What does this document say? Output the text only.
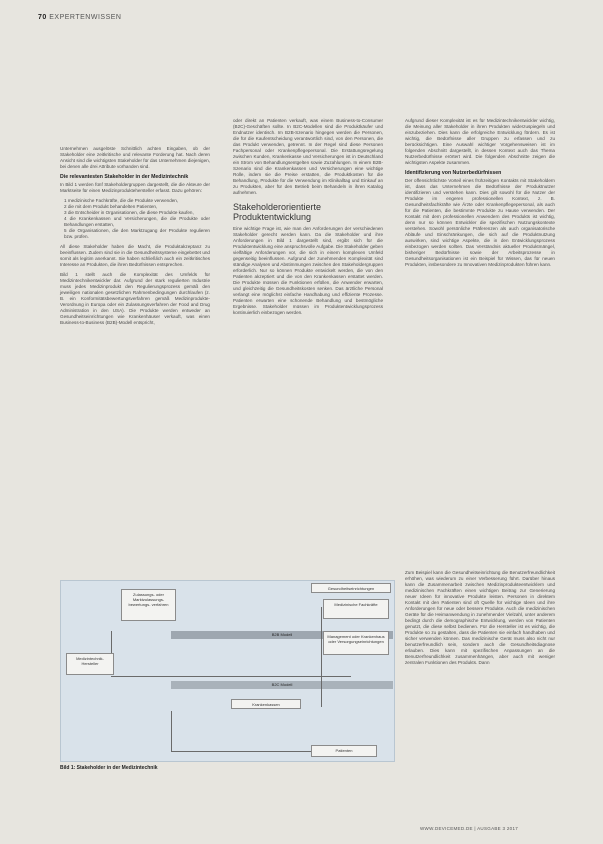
70 EXPERTENWISSEN

Unternehmen ausgelöste Schnittlich achten Eingaben, ob der Stakeholder eine zeitkritische und relevante Forderung hat. Nach deren Ansicht sind die wichtigsten Stakeholder für das Unternehmen diejenigen, bei denen alle drei Attribute vorhanden sind.

Die relevantesten Stakeholder in der Medizintechnik

In Bild 1 werden fünf Stakeholdergruppen dargestellt, die die Akteure der Marktseite für einen Medizinproduktehersteller erfasst. Dazu gehören:

1 medizinische Fachkräfte, die die Produkte verwenden,
2 die mit dem Produkt behandelten Patienten,
3 die Entscheider in Organisationen, die diese Produkte kaufen,
4 die Krankenkassen und Versicherungen, die die Produkte oder Behandlungen erstatten,
5 die Organisationen, die den Marktzugang der Produkte regulieren bzw. prüfen.

All diese Stakeholder haben die Macht, die Produktakzeptanz zu beeinflussen. Zudem sind sie in die Gesundheitssysteme eingebettet und somit als legitim anerkannt. Sie haben schließlich auch ein zeitkritisches Interesse an Produkten, die ihren Bedürfnissen entsprechen.

Bild 1 stellt auch die Komplexität des Umfelds für Medizintechnikentwickler dar. Aufgrund der stark regulierten Industrie muss jedes Medizinprodukt den Regulierungsprozess gemäß den jeweiligen nationalen gesetzlichen Rahmenbedingungen durchlaufen (z. B. ein Konformitätsbewertungsverfahren gemäß Medizinprodukte-Verordnung in Europa oder ein Zulassungsverfahren der Food and Drug Administration in den USA). Die Produkte werden entweder an Gesundheitseinrichtungen wie Krankenhäuser verkauft, was einen Business-to-Business (B2B)-Modell entspricht,

oder direkt an Patienten verkauft, was einem Business-to-Consumer (B2C)-Geschäften sollte. In B2C-Modellen sind die Produktkäufer und Endnutzer identisch. Im B2B-Szenario hingegen werden die Personen, die für die Kaufentscheidung verantwortlich sind, von den Personen, die das Produkt verwenden, getrennt. In der Regel sind diese Personen Fachpersonal oder Krankenpflegepersonal. Die Erstattungsregelung zwischen Kunden, Krankenkasse und Versicherungen ist in Deutschland ein Strom von Behandlungsentgelten sowie Zuzahlungen. In einem B2B-Szenario sind die Krankenkassen und Versicherungen eine wichtige Rolle, indem sie die Preise erstatten, die Produktkosten für die Behandlung, Produkte für die Verwendung im Klinikalltag und Einkauf an zu Produkten, aber für den Betrieb beim Behandeln in ihren Katalog aufnehmen.

Stakeholderorientierte Produktentwicklung

Eine wichtige Frage ist, wie man den Anforderungen der verschiedenen Stakeholder gerecht werden kann. Da die Stakeholder und ihre Anforderungen in Bild 1 dargestellt sind, ergibt sich für die Produktentwicklung eine anspruchsvolle Aufgabe. Die Stakeholder geben vielfältige Anforderungen vor, die sich in einem komplexen Umfeld gegenseitig beeinflussen. Aufgrund der zunehmenden Komplexität sind ständige Analysen und Abstimmungen zwischen den Stakeholdergruppen erforderlich. Nur so können Produkte entwickelt werden, die von den Patienten akzeptiert und die von den Krankenkassen erstattet werden. Die Produkte müssen die Funktionen erfüllen, die Anwender erwarten, und gleichzeitig die Gesundheitskosten senken. Das ärztliche Personal verlangt eine möglichst einfache Handhabung und effiziente Prozesse. Patienten erwarten eine schonende Behandlung und bestmögliche Ergebnisse. Stakeholder müssen im Produktentwicklungsprozess kontinuierlich einbezogen werden.

Aufgrund dieser Komplexität ist es für Medizintechnikentwickler wichtig, die Meinung aller Stakeholder in ihren Produkten widerzuspiegeln und einzubeziehen. Dies kann die erfolgreiche Entwicklung fördern. Es ist wichtig, die Bedürfnisse aller Gruppen zu erfassen und zu berücksichtigen. Eine Auswahl wichtiger Vorgehensweisen ist im folgenden Abschnitt dargestellt, in dessen Kontext auch das Thema Nutzerbedürfnisse erörtert wird. Die folgenden Abschnitte zeigen die wichtigsten Aspekte zusammen.

Identifizierung von Nutzerbedürfnissen

Der offensichtlichste Vorteil eines frühzeitigen Kontakts mit Stakeholdern ist, dass das Unternehmen die Bedürfnisse der Produktnutzer identifizieren und verstehen kann. Dies gilt sowohl für die Nutzer der Produkte im engeren professionellen Kontext, z. B. Gesundheitsfachkräfte wie Ärzte oder Krankenpflegepersonal, als auch für die Patienten, die bestimmte Produkte zu Hause verwenden. Der Kontakt mit dem professionellen Anwendern des Produkts ist wichtig, denn nur so können Entwickler die spezifischen Nutzungskontexte verstehen. Sowohl persönliche Präferenzen als auch organisatorische Abläufe und Einschränkungen, die sich auf die Produktnutzung auswirken, sind wichtige Aspekte, die in den Entwicklungsprozess einbezogen werden sollten. Das Verständnis aktueller Produktmängel, bisheriger Bedürfnisse sowie der Arbeitsprozesse in Gesundheitsorganisationen ist ein Beispiel für Wissen, das für neuen Produkten, insbesondere zu Innovativen Medizinprodukten führen kann.

Zum Beispiel kann die Gesundheitseinrichtung die Benutzerfreundlichkeit erhöhen, was wiederum zu einer Verbesserung führt. Darüber hinaus kann die Zusammenarbeit zwischen Medizinprodukteentwicklern und medizinischen Fachkräften einen wichtigen Beitrag zur Generierung neuer Ideen für innovative Produkte leisten. Personen in direktem Kontakt mit den Patienten sind oft Quelle für wichtige Ideen und ihre Anforderungen für neue oder bessere Produkte. Auch die medizinischen Geräte für die Heimanwendung in zunehmender Vielzahl, unter anderem bedingt durch die demographische Entwicklung, werden von Patienten genutzt, die diese selbst bedienen. Für die Hersteller ist es wichtig, die Produkte so zu gestalten, dass die Patienten sie einfach handhaben und sicher verwenden können. Das medizinische Gerät muss also nicht nur benutzerfreundlich sein, sondern auch die Gesundheitsdiagnose erlauben. Dies kann mit spezifischen Anpassungen an die Benutzerfreundlichkeit zusammenhängen, aber auch mit weniger zentralen Funktionen des Produkts. Dann

B2B Modell
B2C Modell
Zulassungs- oder Marktzulassungs- bewertungs- verfahren
Medizintechnik- Hersteller
Gesundheitseinrichtungen
Medizinische Fachkräfte
Management oder Krankenhaus oder Versorgungseinrichtungen
Krankenkassen
Patienten
Bild 1: Stakeholder in der Medizintechnik
WWW.DEVICEMED.DE | AUSGABE 3 2017
